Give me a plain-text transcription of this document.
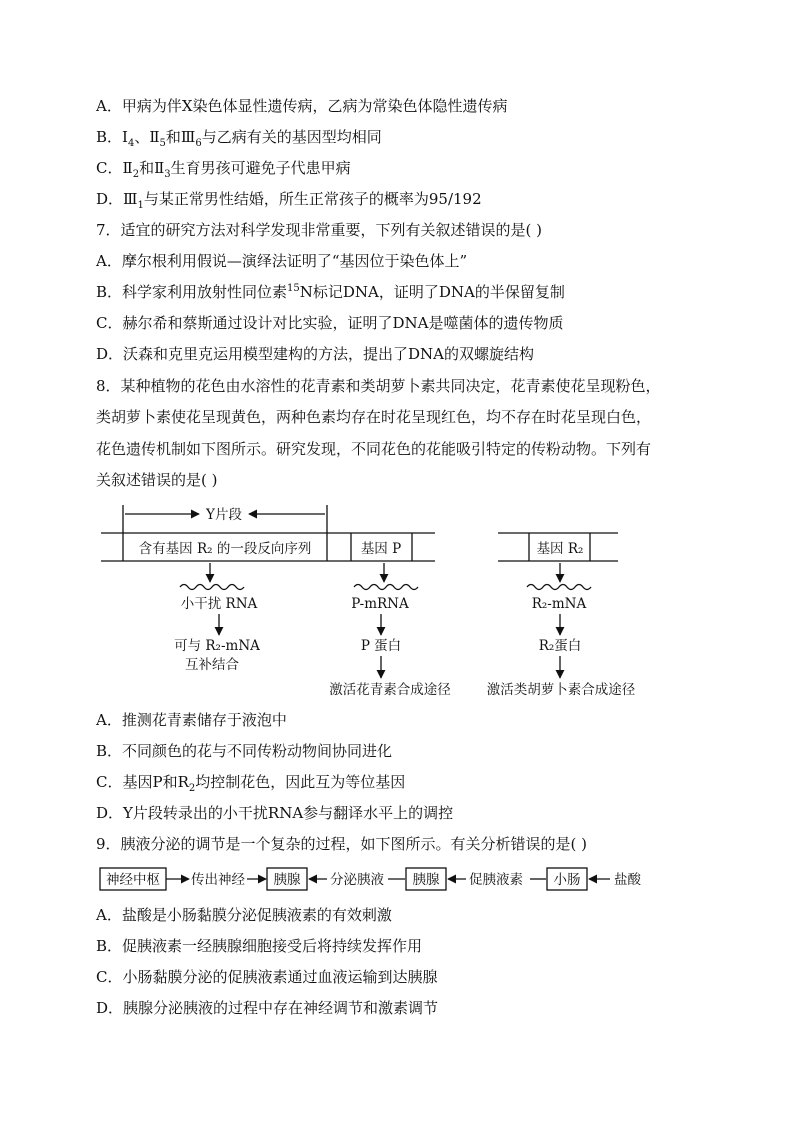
A．甲病为伴X染色体显性遗传病，乙病为常染色体隐性遗传病
B．$Ⅰ_4$、$Ⅱ_5$和$Ⅲ_6$与乙病有关的基因型均相同
C．$Ⅱ_2$和$Ⅱ_3$生育男孩可避免子代患甲病
D．$Ⅲ_1$与某正常男性结婚，所生正常孩子的概率为95/192
7．适宜的研究方法对科学发现非常重要，下列有关叙述错误的是( )
A．摩尔根利用假说—演绎法证明了“基因位于染色体上”
B．科学家利用放射性同位素$^{15}$N标记DNA，证明了DNA的半保留复制
C．赫尔希和蔡斯通过设计对比实验，证明了DNA是噬菌体的遗传物质
D．沃森和克里克运用模型建构的方法，提出了DNA的双螺旋结构
8．某种植物的花色由水溶性的花青素和类胡萝卜素共同决定，花青素使花呈现粉色，
类胡萝卜素使花呈现黄色，两种色素均存在时花呈现红色，均不存在时花呈现白色，
花色遗传机制如下图所示。研究发现，不同花色的花能吸引特定的传粉动物。下列有
关叙述错误的是( )
Y片段
含有基因 R₂ 的一段反向序列	基因 P	基因 R₂
小干扰 RNA
可与 R₂-mNA
互补结合
P-mRNA
P 蛋白
激活花青素合成途径
R₂-mNA
R₂蛋白
激活类胡萝卜素合成途径
A．推测花青素储存于液泡中
B．不同颜色的花与不同传粉动物间协同进化
C．基因P和$R_2$均控制花色，因此互为等位基因
D．Y片段转录出的小干扰RNA参与翻译水平上的调控
9．胰液分泌的调节是一个复杂的过程，如下图所示。有关分析错误的是( )
神经中枢 传出神经 胰腺 分泌胰液 胰腺 促胰液素 小肠 盐酸
A．盐酸是小肠黏膜分泌促胰液素的有效刺激
B．促胰液素一经胰腺细胞接受后将持续发挥作用
C．小肠黏膜分泌的促胰液素通过血液运输到达胰腺
D．胰腺分泌胰液的过程中存在神经调节和激素调节
